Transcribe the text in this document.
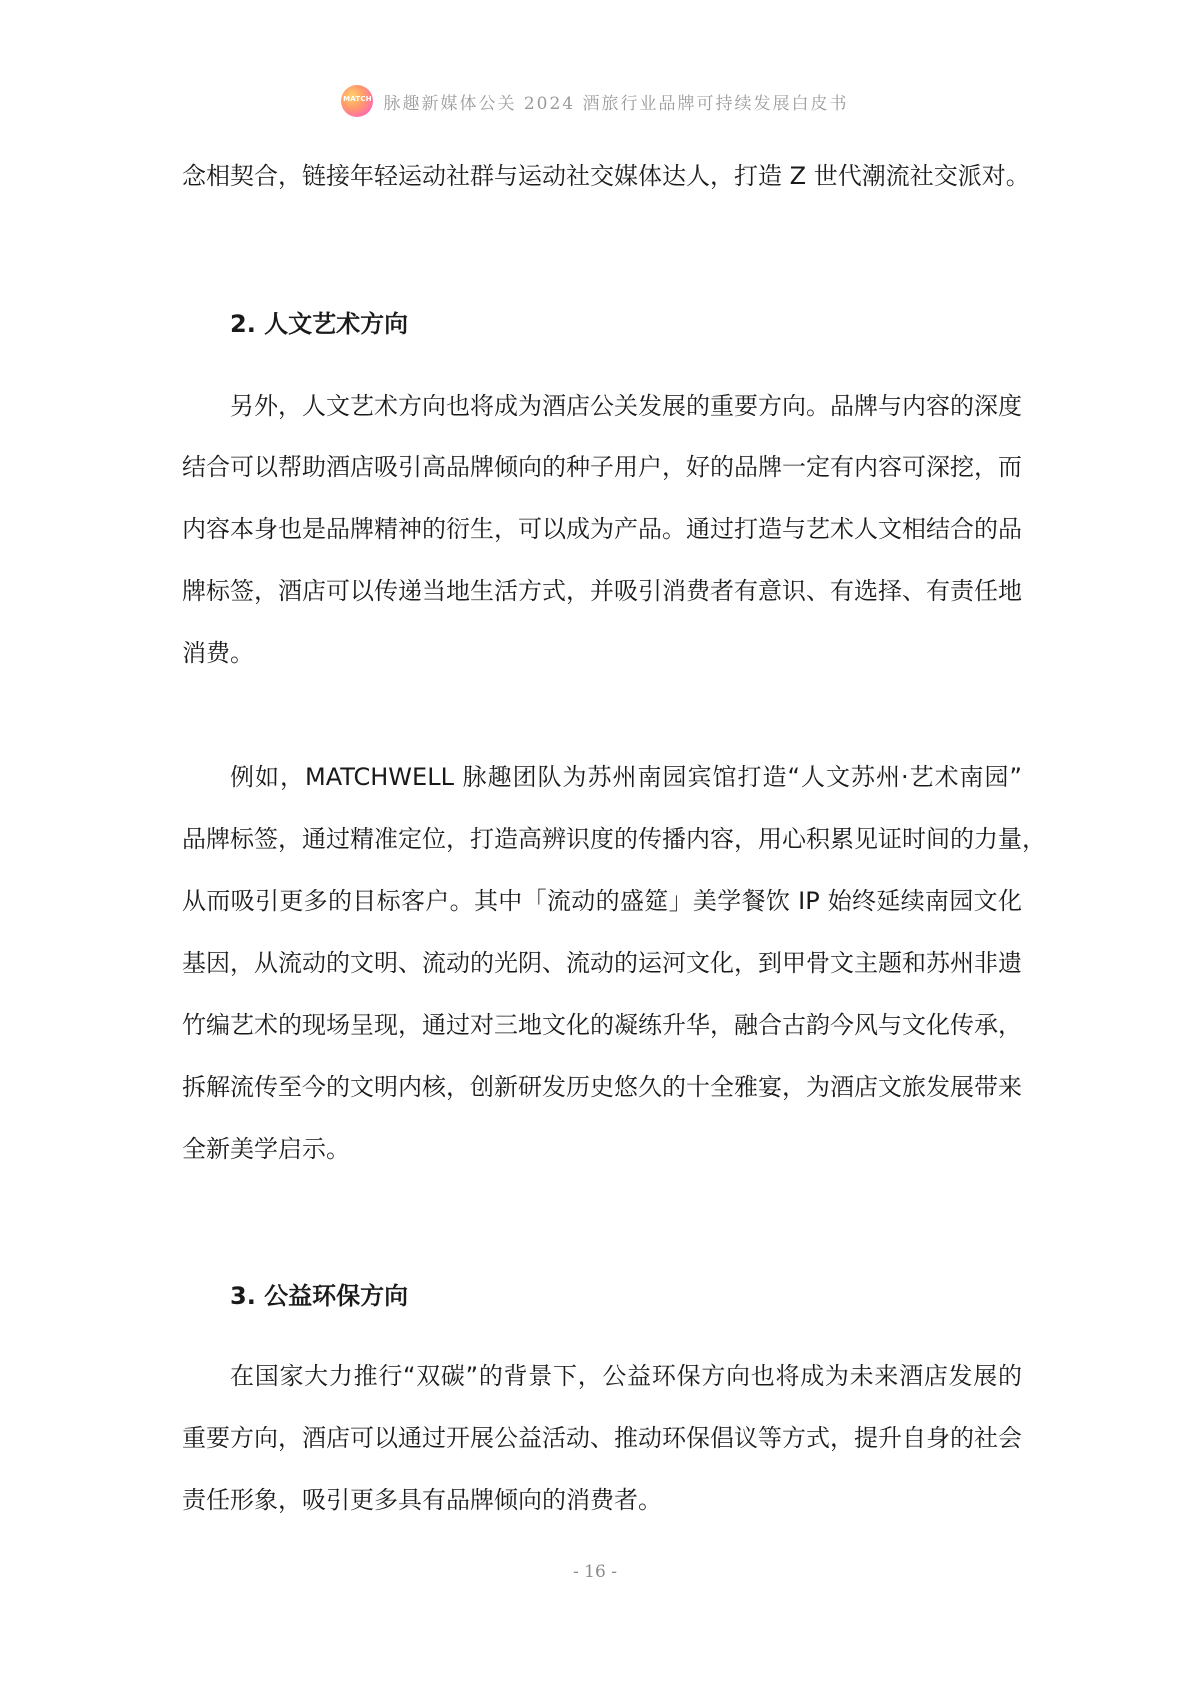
MATCH 脉趣新媒体公关 2024 酒旅行业品牌可持续发展白皮书
念相契合，链接年轻运动社群与运动社交媒体达人，打造 Z 世代潮流社交派对。
2. 人文艺术方向
另外，人文艺术方向也将成为酒店公关发展的重要方向。品牌与内容的深度
结合可以帮助酒店吸引高品牌倾向的种子用户，好的品牌一定有内容可深挖，而
内容本身也是品牌精神的衍生，可以成为产品。通过打造与艺术人文相结合的品
牌标签，酒店可以传递当地生活方式，并吸引消费者有意识、有选择、有责任地
消费。
例如，MATCHWELL 脉趣团队为苏州南园宾馆打造“人文苏州·艺术南园”
品牌标签，通过精准定位，打造高辨识度的传播内容，用心积累见证时间的力量，
从而吸引更多的目标客户。其中「流动的盛筵」美学餐饮 IP 始终延续南园文化
基因，从流动的文明、流动的光阴、流动的运河文化，到甲骨文主题和苏州非遗
竹编艺术的现场呈现，通过对三地文化的凝练升华，融合古韵今风与文化传承，
拆解流传至今的文明内核，创新研发历史悠久的十全雅宴，为酒店文旅发展带来
全新美学启示。
3. 公益环保方向
在国家大力推行“双碳”的背景下，公益环保方向也将成为未来酒店发展的
重要方向，酒店可以通过开展公益活动、推动环保倡议等方式，提升自身的社会
责任形象，吸引更多具有品牌倾向的消费者。
- 16 -
